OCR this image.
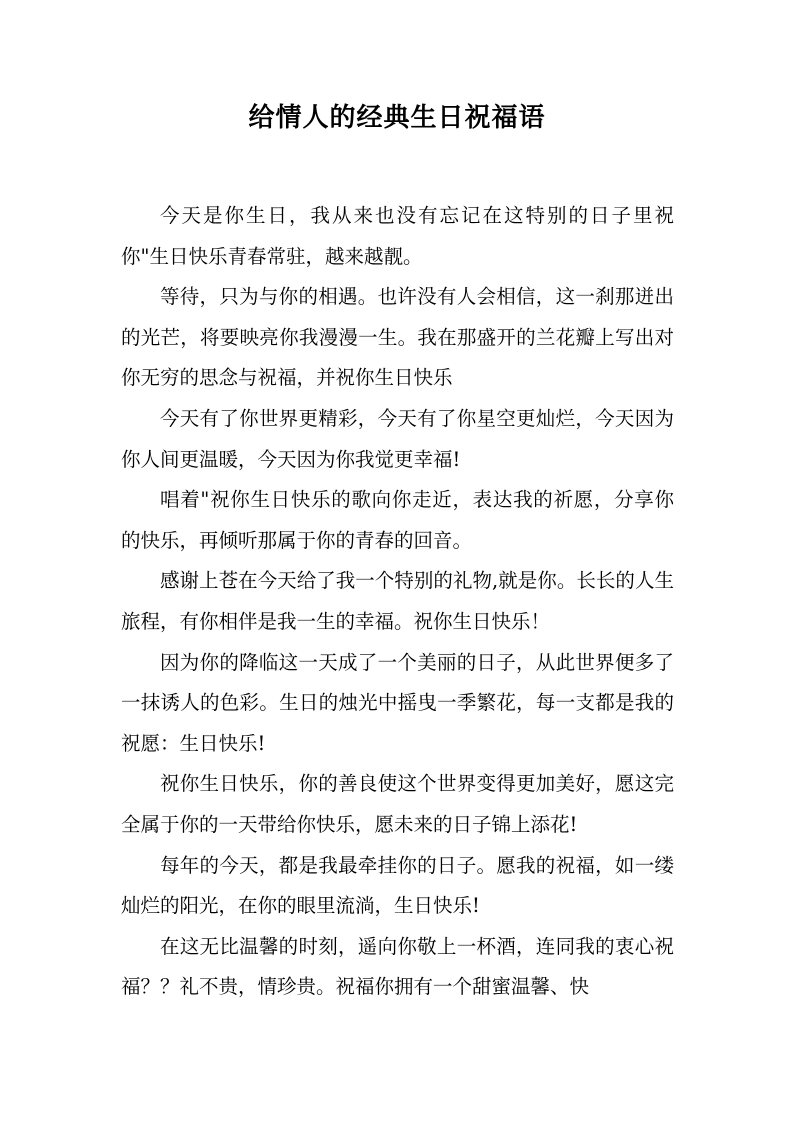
给情人的经典生日祝福语

今天是你生日，我从来也没有忘记在这特别的日子里祝你"生日快乐青春常驻，越来越靓。

等待，只为与你的相遇。也许没有人会相信，这一刹那迸出的光芒，将要映亮你我漫漫一生。我在那盛开的兰花瓣上写出对你无穷的思念与祝福，并祝你生日快乐

今天有了你世界更精彩，今天有了你星空更灿烂，今天因为你人间更温暖，今天因为你我觉更幸福!

唱着"祝你生日快乐的歌向你走近，表达我的祈愿，分享你的快乐，再倾听那属于你的青春的回音。

感谢上苍在今天给了我一个特别的礼物,就是你。长长的人生旅程，有你相伴是我一生的幸福。祝你生日快乐！

因为你的降临这一天成了一个美丽的日子，从此世界便多了一抹诱人的色彩。生日的烛光中摇曳一季繁花，每一支都是我的祝愿：生日快乐!

祝你生日快乐，你的善良使这个世界变得更加美好，愿这完全属于你的一天带给你快乐，愿未来的日子锦上添花!

每年的今天，都是我最牵挂你的日子。愿我的祝福，如一缕灿烂的阳光，在你的眼里流淌，生日快乐!

在这无比温馨的时刻，遥向你敬上一杯酒，连同我的衷心祝福？？礼不贵，情珍贵。祝福你拥有一个甜蜜温馨、快
